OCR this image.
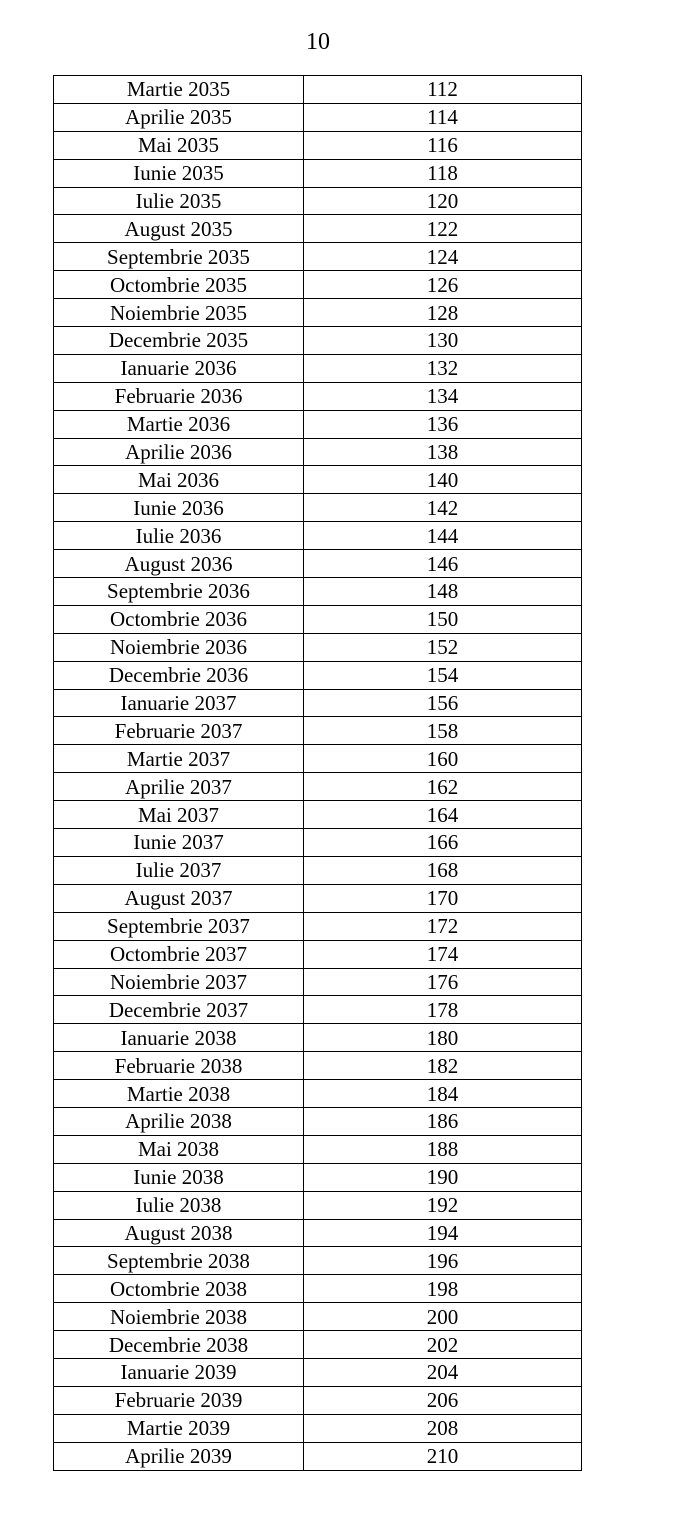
10
Martie 2035	112
Aprilie 2035	114
Mai 2035	116
Iunie 2035	118
Iulie 2035	120
August 2035	122
Septembrie 2035	124
Octombrie 2035	126
Noiembrie 2035	128
Decembrie 2035	130
Ianuarie 2036	132
Februarie 2036	134
Martie 2036	136
Aprilie 2036	138
Mai 2036	140
Iunie 2036	142
Iulie 2036	144
August 2036	146
Septembrie 2036	148
Octombrie 2036	150
Noiembrie 2036	152
Decembrie 2036	154
Ianuarie 2037	156
Februarie 2037	158
Martie 2037	160
Aprilie 2037	162
Mai 2037	164
Iunie 2037	166
Iulie 2037	168
August 2037	170
Septembrie 2037	172
Octombrie 2037	174
Noiembrie 2037	176
Decembrie 2037	178
Ianuarie 2038	180
Februarie 2038	182
Martie 2038	184
Aprilie 2038	186
Mai 2038	188
Iunie 2038	190
Iulie 2038	192
August 2038	194
Septembrie 2038	196
Octombrie 2038	198
Noiembrie 2038	200
Decembrie 2038	202
Ianuarie 2039	204
Februarie 2039	206
Martie 2039	208
Aprilie 2039	210
